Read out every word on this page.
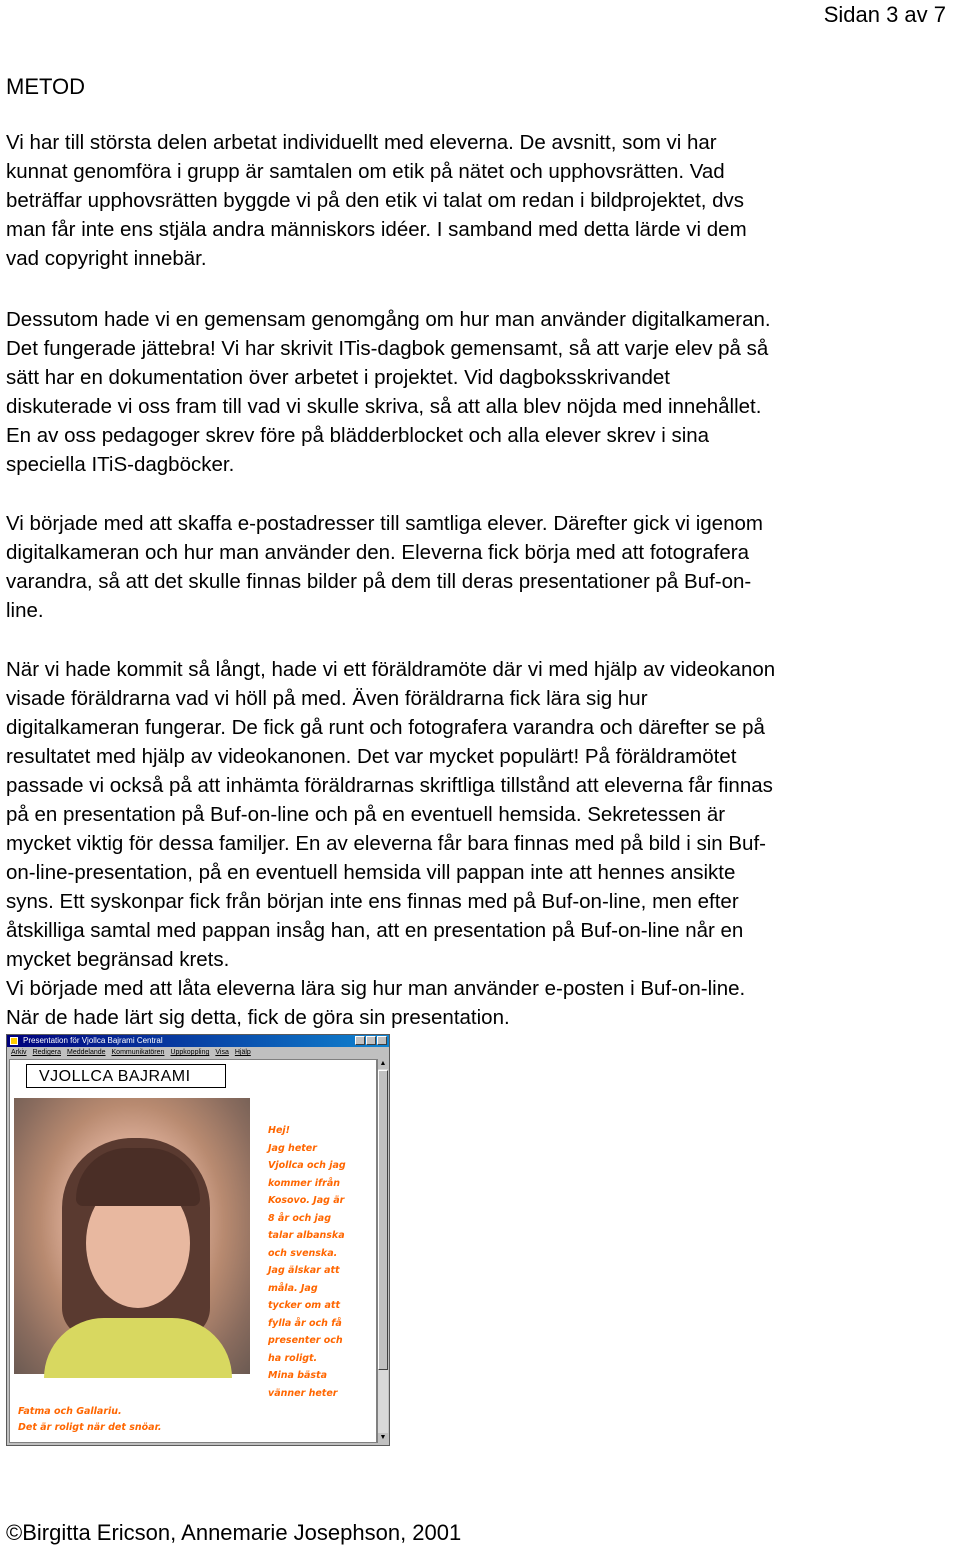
Sidan 3 av 7
METOD

Vi har till största delen arbetat individuellt med eleverna. De avsnitt, som vi har
kunnat genomföra i grupp är samtalen om etik på nätet och upphovsrätten. Vad
beträffar upphovsrätten byggde vi på den etik vi talat om redan i bildprojektet, dvs
man får inte ens stjäla andra människors idéer. I samband med detta lärde vi dem
vad copyright innebär.

Dessutom hade vi en gemensam genomgång om hur man använder digitalkameran.
Det fungerade jättebra! Vi har skrivit ITis-dagbok gemensamt, så att varje elev på så
sätt har en dokumentation över arbetet i projektet. Vid dagboksskrivandet
diskuterade vi oss fram till vad vi skulle skriva, så att alla blev nöjda med innehållet.
En av oss pedagoger skrev före på blädderblocket och alla elever skrev i sina
speciella ITiS-dagböcker.

Vi började med att skaffa e-postadresser till samtliga elever. Därefter gick vi igenom
digitalkameran och hur man använder den. Eleverna fick börja med att fotografera
varandra, så att det skulle finnas bilder på dem till deras presentationer på Buf-on-
line.

När vi hade kommit så långt, hade vi ett föräldramöte där vi med hjälp av videokanon
visade föräldrarna vad vi höll på med. Även föräldrarna fick lära sig hur
digitalkameran fungerar. De fick gå runt och fotografera varandra och därefter se på
resultatet med hjälp av videokanonen. Det var mycket populärt! På föräldramötet
passade vi också på att inhämta föräldrarnas skriftliga tillstånd att eleverna får finnas
på en presentation på Buf-on-line och på en eventuell hemsida. Sekretessen är
mycket viktig för dessa familjer. En av eleverna får bara finnas med på bild i sin Buf-
on-line-presentation, på en eventuell hemsida vill pappan inte att hennes ansikte
syns. Ett syskonpar fick från början inte ens finnas med på Buf-on-line, men efter
åtskilliga samtal med pappan insåg han, att en presentation på Buf-on-line når en
mycket begränsad krets.
Vi började med att låta eleverna lära sig hur man använder e-posten i Buf-on-line.
När de hade lärt sig detta, fick de göra sin presentation.

Presentation för Vjollca Bajrami Central
Arkiv Redigera Meddelande Kommunikatören Uppkoppling Visa Hjälp
VJOLLCA BAJRAMI
Hej!
Jag heter
Vjollca och jag
kommer ifrån
Kosovo. Jag är
8 år och jag
talar albanska
och svenska.
Jag älskar att
måla. Jag
tycker om att
fylla år och få
presenter och
ha roligt.
Mina bästa
vänner heter
Fatma och Gallariu.
Det är roligt när det snöar.
▲
▼
©Birgitta Ericson, Annemarie Josephson, 2001
